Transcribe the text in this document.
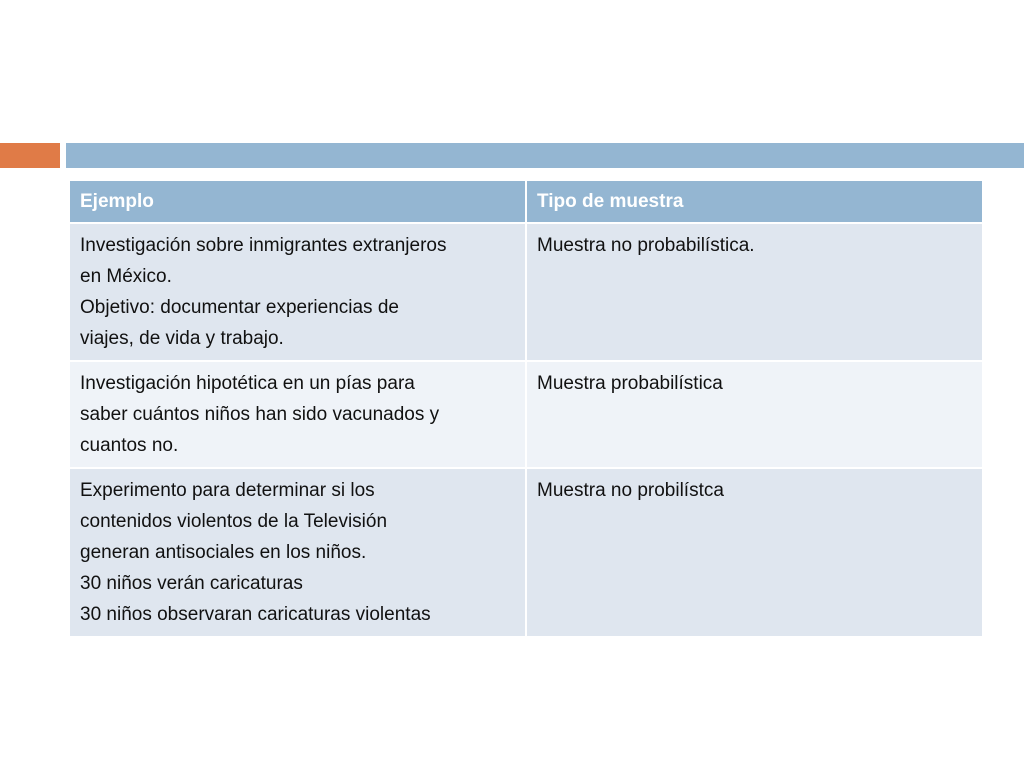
Ejemplo	Tipo de muestra

Investigación sobre inmigrantes extranjeros
en México.
Objetivo: documentar experiencias de
viajes, de vida y trabajo.	Muestra no probabilística.

Investigación hipotética en un pías para
saber cuántos niños han sido vacunados y
cuantos no.	Muestra probabilística

Experimento para determinar si los
contenidos violentos de la Televisión
generan antisociales en los niños.
30 niños verán caricaturas
30 niños observaran caricaturas violentas	Muestra no probilístca
